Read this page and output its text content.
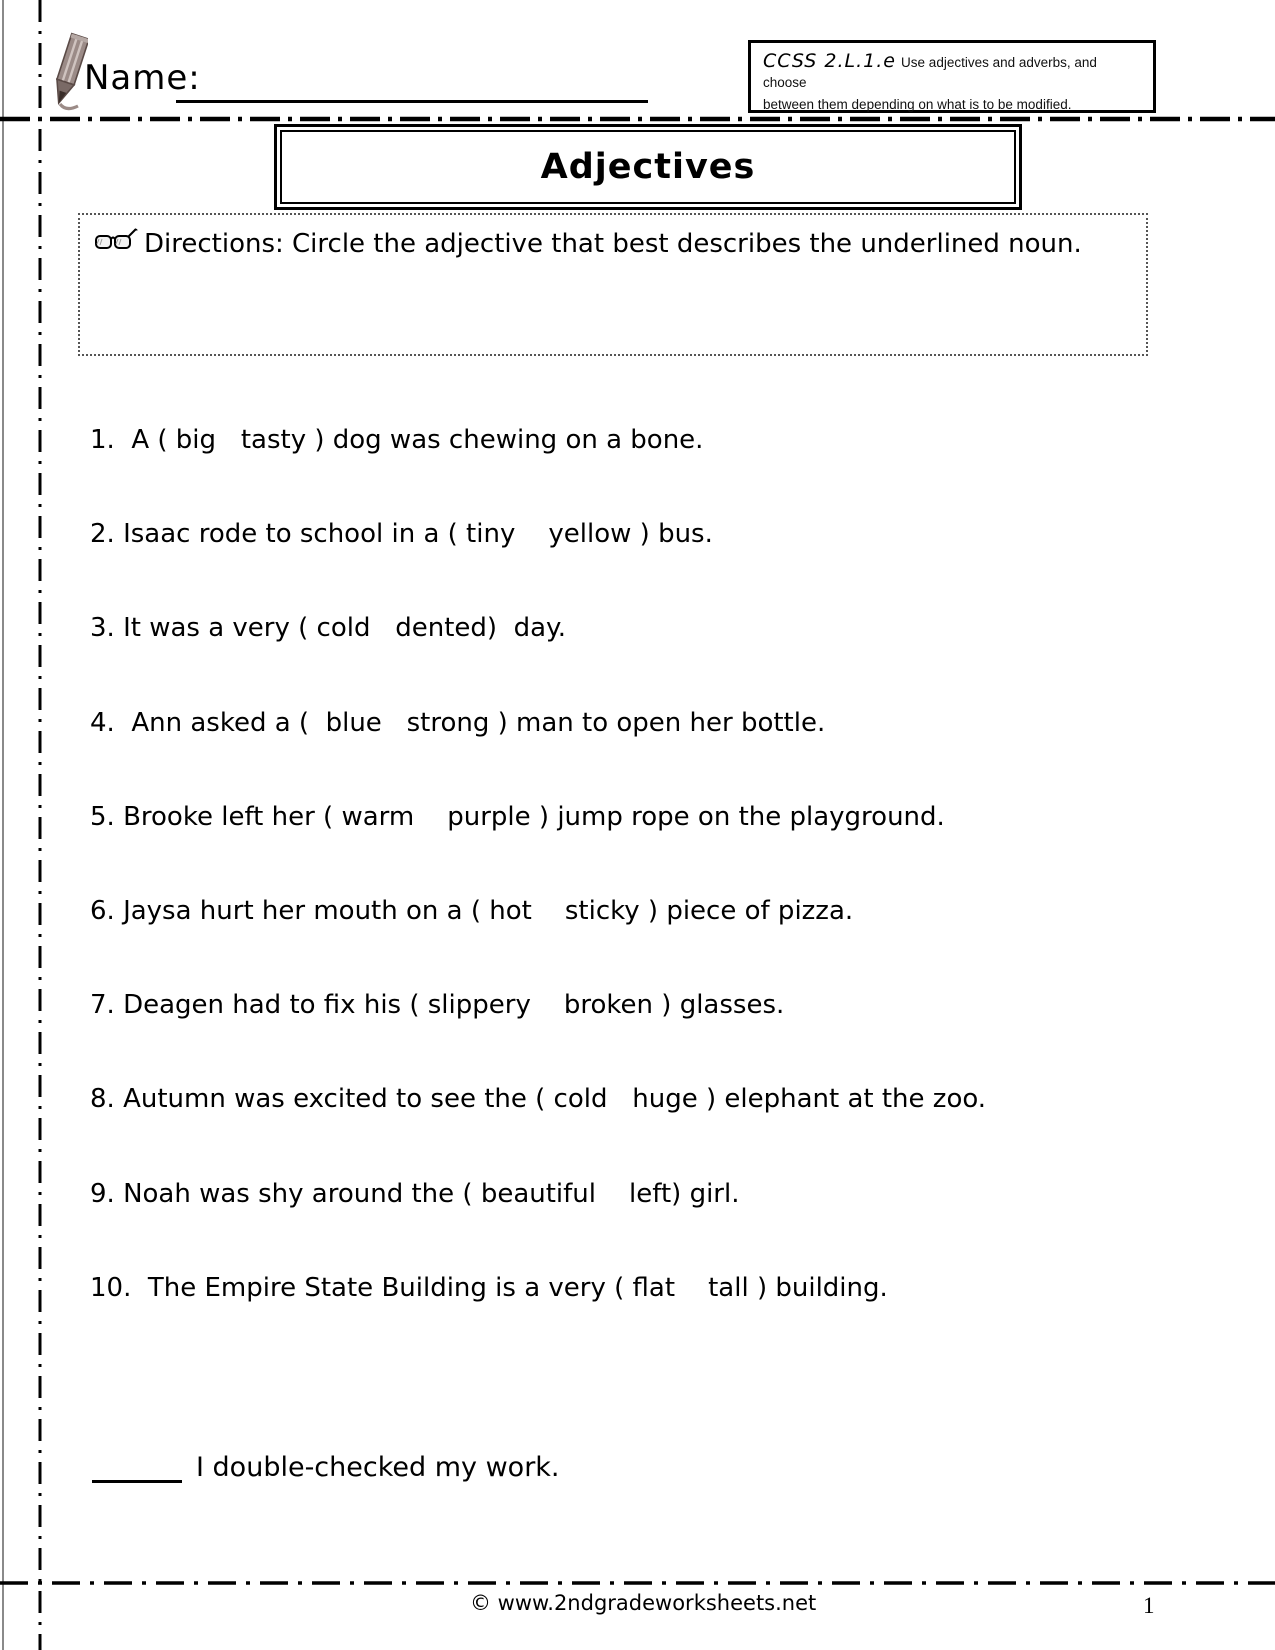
Name:	CCSS 2.L.1.e Use adjectives and adverbs, and choose
between them depending on what is to be modified.
Adjectives
Directions: Circle the adjective that best describes the underlined noun.
1.  A ( big   tasty ) dog was chewing on a bone.
2. Isaac rode to school in a ( tiny    yellow ) bus.
3. It was a very ( cold   dented)  day.
4.  Ann asked a (  blue   strong ) man to open her bottle.
5. Brooke left her ( warm    purple ) jump rope on the playground.
6. Jaysa hurt her mouth on a ( hot    sticky ) piece of pizza.
7. Deagen had to fix his ( slippery    broken ) glasses.
8. Autumn was excited to see the ( cold   huge ) elephant at the zoo.
9. Noah was shy around the ( beautiful    left) girl.
10.  The Empire State Building is a very ( flat    tall ) building.
I double-checked my work.
© www.2ndgradeworksheets.net	1
